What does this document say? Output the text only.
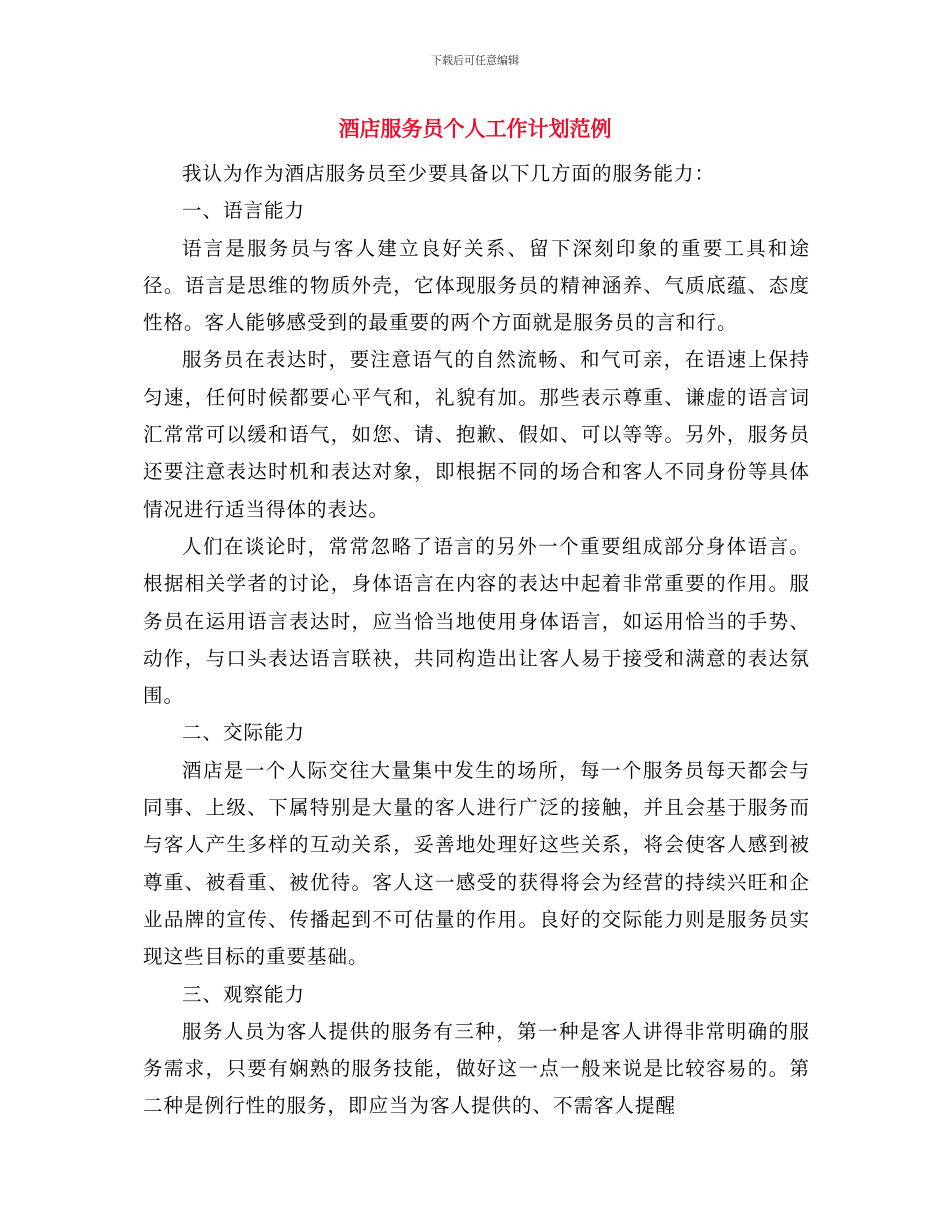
下载后可任意编辑
酒店服务员个人工作计划范例

我认为作为酒店服务员至少要具备以下几方面的服务能力：

一、语言能力

语言是服务员与客人建立良好关系、留下深刻印象的重要工具和途径。语言是思维的物质外壳，它体现服务员的精神涵养、气质底蕴、态度性格。客人能够感受到的最重要的两个方面就是服务员的言和行。

服务员在表达时，要注意语气的自然流畅、和气可亲，在语速上保持匀速，任何时候都要心平气和，礼貌有加。那些表示尊重、谦虚的语言词汇常常可以缓和语气，如您、请、抱歉、假如、可以等等。另外，服务员还要注意表达时机和表达对象，即根据不同的场合和客人不同身份等具体情况进行适当得体的表达。

人们在谈论时，常常忽略了语言的另外一个重要组成部分身体语言。根据相关学者的讨论，身体语言在内容的表达中起着非常重要的作用。服务员在运用语言表达时，应当恰当地使用身体语言，如运用恰当的手势、动作，与口头表达语言联袂，共同构造出让客人易于接受和满意的表达氛围。

二、交际能力

酒店是一个人际交往大量集中发生的场所，每一个服务员每天都会与同事、上级、下属特别是大量的客人进行广泛的接触，并且会基于服务而与客人产生多样的互动关系，妥善地处理好这些关系，将会使客人感到被尊重、被看重、被优待。客人这一感受的获得将会为经营的持续兴旺和企业品牌的宣传、传播起到不可估量的作用。良好的交际能力则是服务员实现这些目标的重要基础。

三、观察能力

服务人员为客人提供的服务有三种，第一种是客人讲得非常明确的服务需求，只要有娴熟的服务技能，做好这一点一般来说是比较容易的。第二种是例行性的服务，即应当为客人提供的、不需客人提醒
